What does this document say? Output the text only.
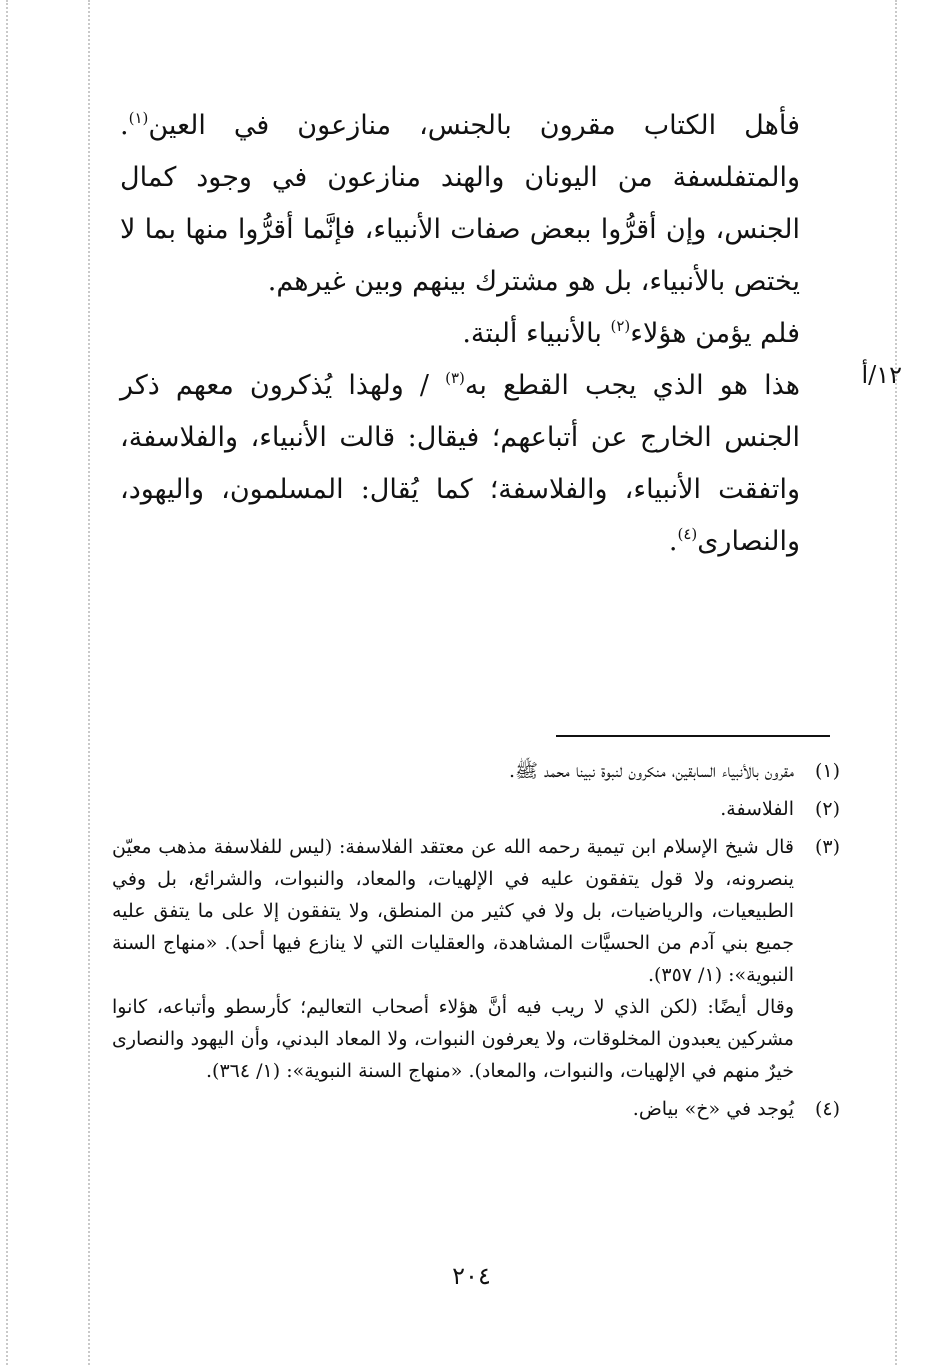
١٢/أ

فأهل الكتاب مقرون بالجنس، منازعون في العين$^{(١)}$. والمتفلسفة من اليونان والهند منازعون في وجود كمال الجنس، وإن أقرُّوا ببعض صفات الأنبياء، فإنَّما أقرُّوا منها بما لا يختص بالأنبياء، بل هو مشترك بينهم وبين غيرهم.

فلم يؤمن هؤلاء$^{(٢)}$ بالأنبياء ألبتة.

هذا هو الذي يجب القطع به$^{(٣)}$ / ولهذا يُذكرون معهم ذكر الجنس الخارج عن أتباعهم؛ فيقال: قالت الأنبياء، والفلاسفة، واتفقت الأنبياء، والفلاسفة؛ كما يُقال: المسلمون، واليهود، والنصارى$^{(٤)}$.

(١)

مقرون بالأنبياء السابقين، منكرون لنبوة نبينا محمد ﷺ.

(٢)

الفلاسفة.

(٣)

قال شيخ الإسلام ابن تيمية رحمه الله عن معتقد الفلاسفة: (ليس للفلاسفة مذهب معيّن ينصرونه، ولا قول يتفقون عليه في الإلهيات، والمعاد، والنبوات، والشرائع، بل وفي الطبيعيات، والرياضيات، بل ولا في كثير من المنطق، ولا يتفقون إلا على ما يتفق عليه جميع بني آدم من الحسيَّات المشاهدة، والعقليات التي لا ينازع فيها أحد). «منهاج السنة النبوية»: (١/ ٣٥٧).

وقال أيضًا: (لكن الذي لا ريب فيه أنَّ هؤلاء أصحاب التعاليم؛ كأرسطو وأتباعه، كانوا مشركين يعبدون المخلوقات، ولا يعرفون النبوات، ولا المعاد البدني، وأن اليهود والنصارى خيرٌ منهم في الإلهيات، والنبوات، والمعاد). «منهاج السنة النبوية»: (١/ ٣٦٤).

(٤)

يُوجد في «خ» بياض.

٢٠٤
